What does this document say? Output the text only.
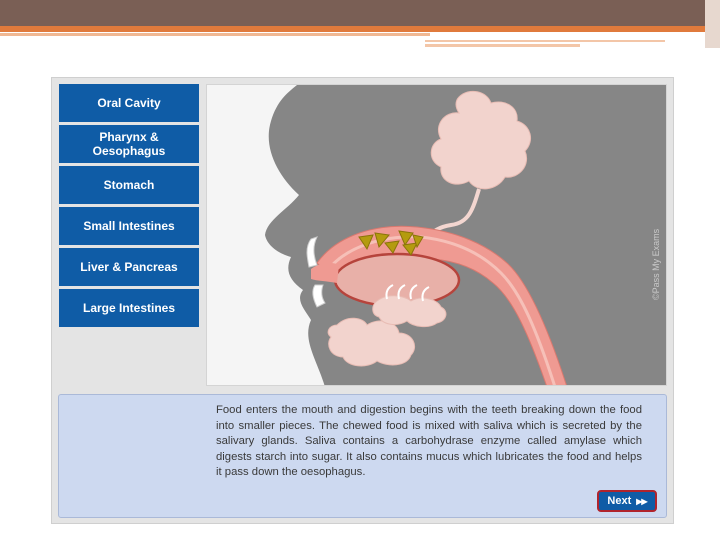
Oral Cavity
Pharynx &
Oesophagus
Stomach
Small Intestines
Liver & Pancreas
Large Intestines
©Pass My Exams

Food enters the mouth and digestion begins with the teeth breaking down the food into smaller pieces. The chewed food is mixed with saliva which is secreted by the salivary glands. Saliva contains a carbohydrase enzyme called amylase which digests starch into sugar. It also contains mucus which lubricates the food and helps it pass down the oesophagus.

Next ▶▶
